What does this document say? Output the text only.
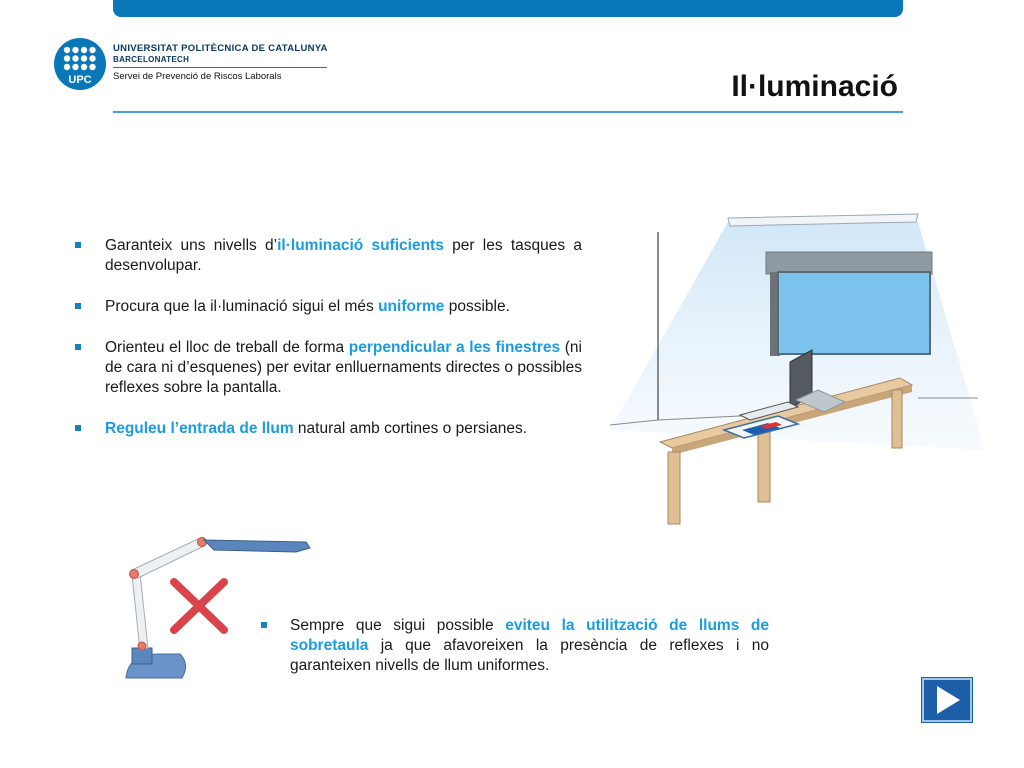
UPC
UNIVERSITAT POLITÈCNICA DE CATALUNYA
BARCELONATECH
Servei de Prevenció de Riscos Laborals	Il·luminació
Garanteix uns nivells d’il·luminació suficients per les tasques a desenvolupar.
Procura que la il·luminació sigui el més uniforme possible.
Orienteu el lloc de treball de forma perpendicular a les finestres (ni de cara ni d’esquenes) per evitar enlluernaments directes o possibles reflexes sobre la pantalla.
Reguleu l’entrada de llum natural amb cortines o persianes.
Sempre que sigui possible eviteu la utilització de llums de sobretaula ja que afavoreixen la presència de reflexes i no garanteixen nivells de llum uniformes.
